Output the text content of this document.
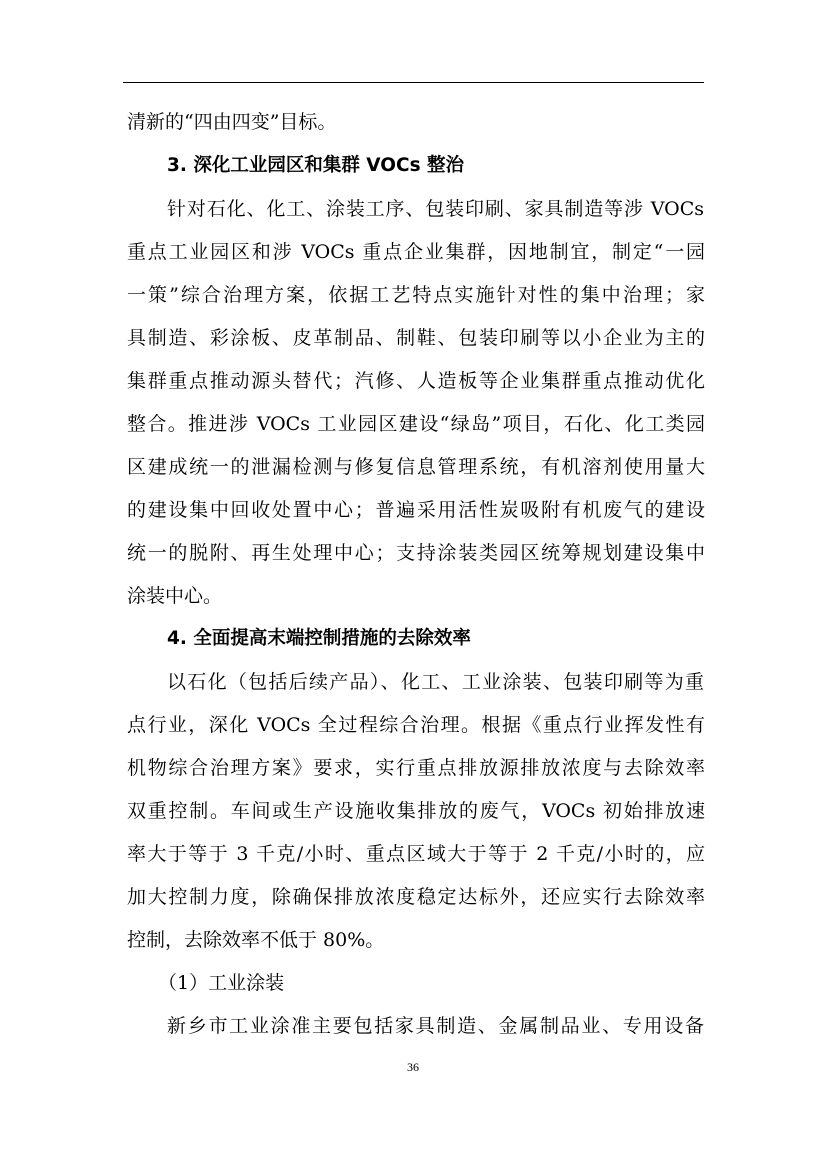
清新的“四由四变”目标。
3. 深化工业园区和集群 VOCs 整治
针对石化、化工、涂装工序、包装印刷、家具制造等涉 VOCs
重点工业园区和涉 VOCs 重点企业集群，因地制宜，制定“一园
一策”综合治理方案，依据工艺特点实施针对性的集中治理；家
具制造、彩涂板、皮革制品、制鞋、包装印刷等以小企业为主的
集群重点推动源头替代；汽修、人造板等企业集群重点推动优化
整合。推进涉 VOCs 工业园区建设“绿岛”项目，石化、化工类园
区建成统一的泄漏检测与修复信息管理系统，有机溶剂使用量大
的建设集中回收处置中心；普遍采用活性炭吸附有机废气的建设
统一的脱附、再生处理中心；支持涂装类园区统筹规划建设集中
涂装中心。
4. 全面提高末端控制措施的去除效率
以石化（包括后续产品）、化工、工业涂装、包装印刷等为重
点行业，深化 VOCs 全过程综合治理。根据《重点行业挥发性有
机物综合治理方案》要求，实行重点排放源排放浓度与去除效率
双重控制。车间或生产设施收集排放的废气，VOCs 初始排放速
率大于等于 3 千克/小时、重点区域大于等于 2 千克/小时的，应
加大控制力度，除确保排放浓度稳定达标外，还应实行去除效率
控制，去除效率不低于 80%。
（1）工业涂装
新乡市工业涂准主要包括家具制造、金属制品业、专用设备
36
